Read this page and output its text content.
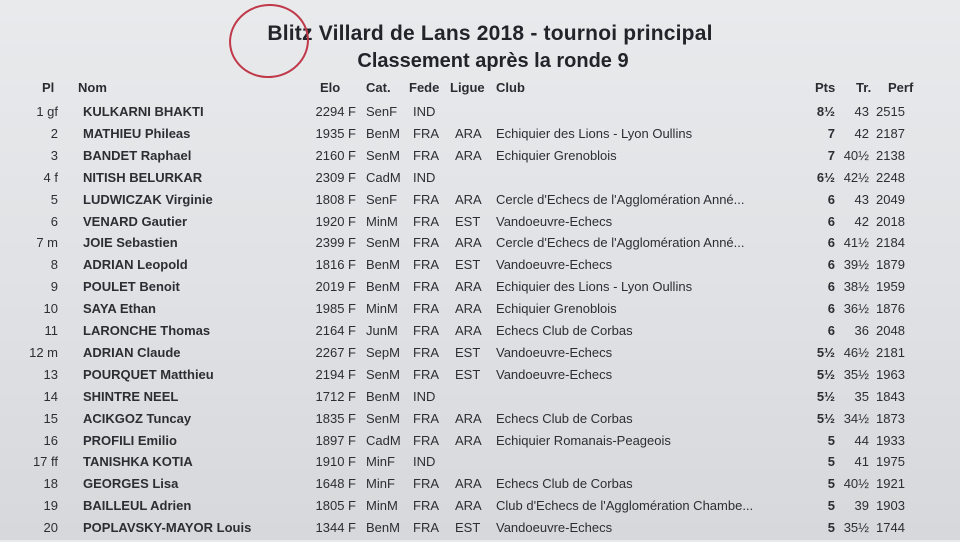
Blitz Villard de Lans 2018 - tournoi principal
Classement après la ronde 9
Pl Nom	Elo Cat. Fede Ligue Club	Pts Tr. Perf
1 gf KULKARNI BHAKTI	2294 F SenF IND	8½	43 2515
2 MATHIEU Phileas	1935 F BenM FRA ARA Echiquier des Lions - Lyon Oullins	7	42 2187
3 BANDET Raphael	2160 F SenM FRA ARA Echiquier Grenoblois	7 40½ 2138
4 f NITISH BELURKAR	2309 F CadM IND	6½ 42½ 2248
5 LUDWICZAK Virginie	1808 F SenF FRA ARA Cercle d'Echecs de l'Agglomération Anné...	6	43 2049
6 VENARD Gautier	1920 F MinM FRA EST Vandoeuvre-Echecs	6	42 2018
7 m JOIE Sebastien	2399 F SenM FRA ARA Cercle d'Echecs de l'Agglomération Anné...	6 41½ 2184
8 ADRIAN Leopold	1816 F BenM FRA EST Vandoeuvre-Echecs	6 39½ 1879
9 POULET Benoit	2019 F BenM FRA ARA Echiquier des Lions - Lyon Oullins	6 38½ 1959
10 SAYA Ethan	1985 F MinM FRA ARA Echiquier Grenoblois	6 36½ 1876
11 LARONCHE Thomas	2164 F JunM FRA ARA Echecs Club de Corbas	6	36 2048
12 m ADRIAN Claude	2267 F SepM FRA EST Vandoeuvre-Echecs	5½ 46½ 2181
13 POURQUET Matthieu	2194 F SenM FRA EST Vandoeuvre-Echecs	5½ 35½ 1963
14 SHINTRE NEEL	1712 F BenM IND	5½	35 1843
15 ACIKGOZ Tuncay	1835 F SenM FRA ARA Echecs Club de Corbas	5½ 34½ 1873
16 PROFILI Emilio	1897 F CadM FRA ARA Echiquier Romanais-Peageois	5	44 1933
17 ff TANISHKA KOTIA	1910 F MinF IND	5	41 1975
18 GEORGES Lisa	1648 F MinF FRA ARA Echecs Club de Corbas	5 40½ 1921
19 BAILLEUL Adrien	1805 F MinM FRA ARA Club d'Echecs de l'Agglomération Chambe...	5	39 1903
20 POPLAVSKY-MAYOR Louis	1344 F BenM FRA EST Vandoeuvre-Echecs	5 35½ 1744
